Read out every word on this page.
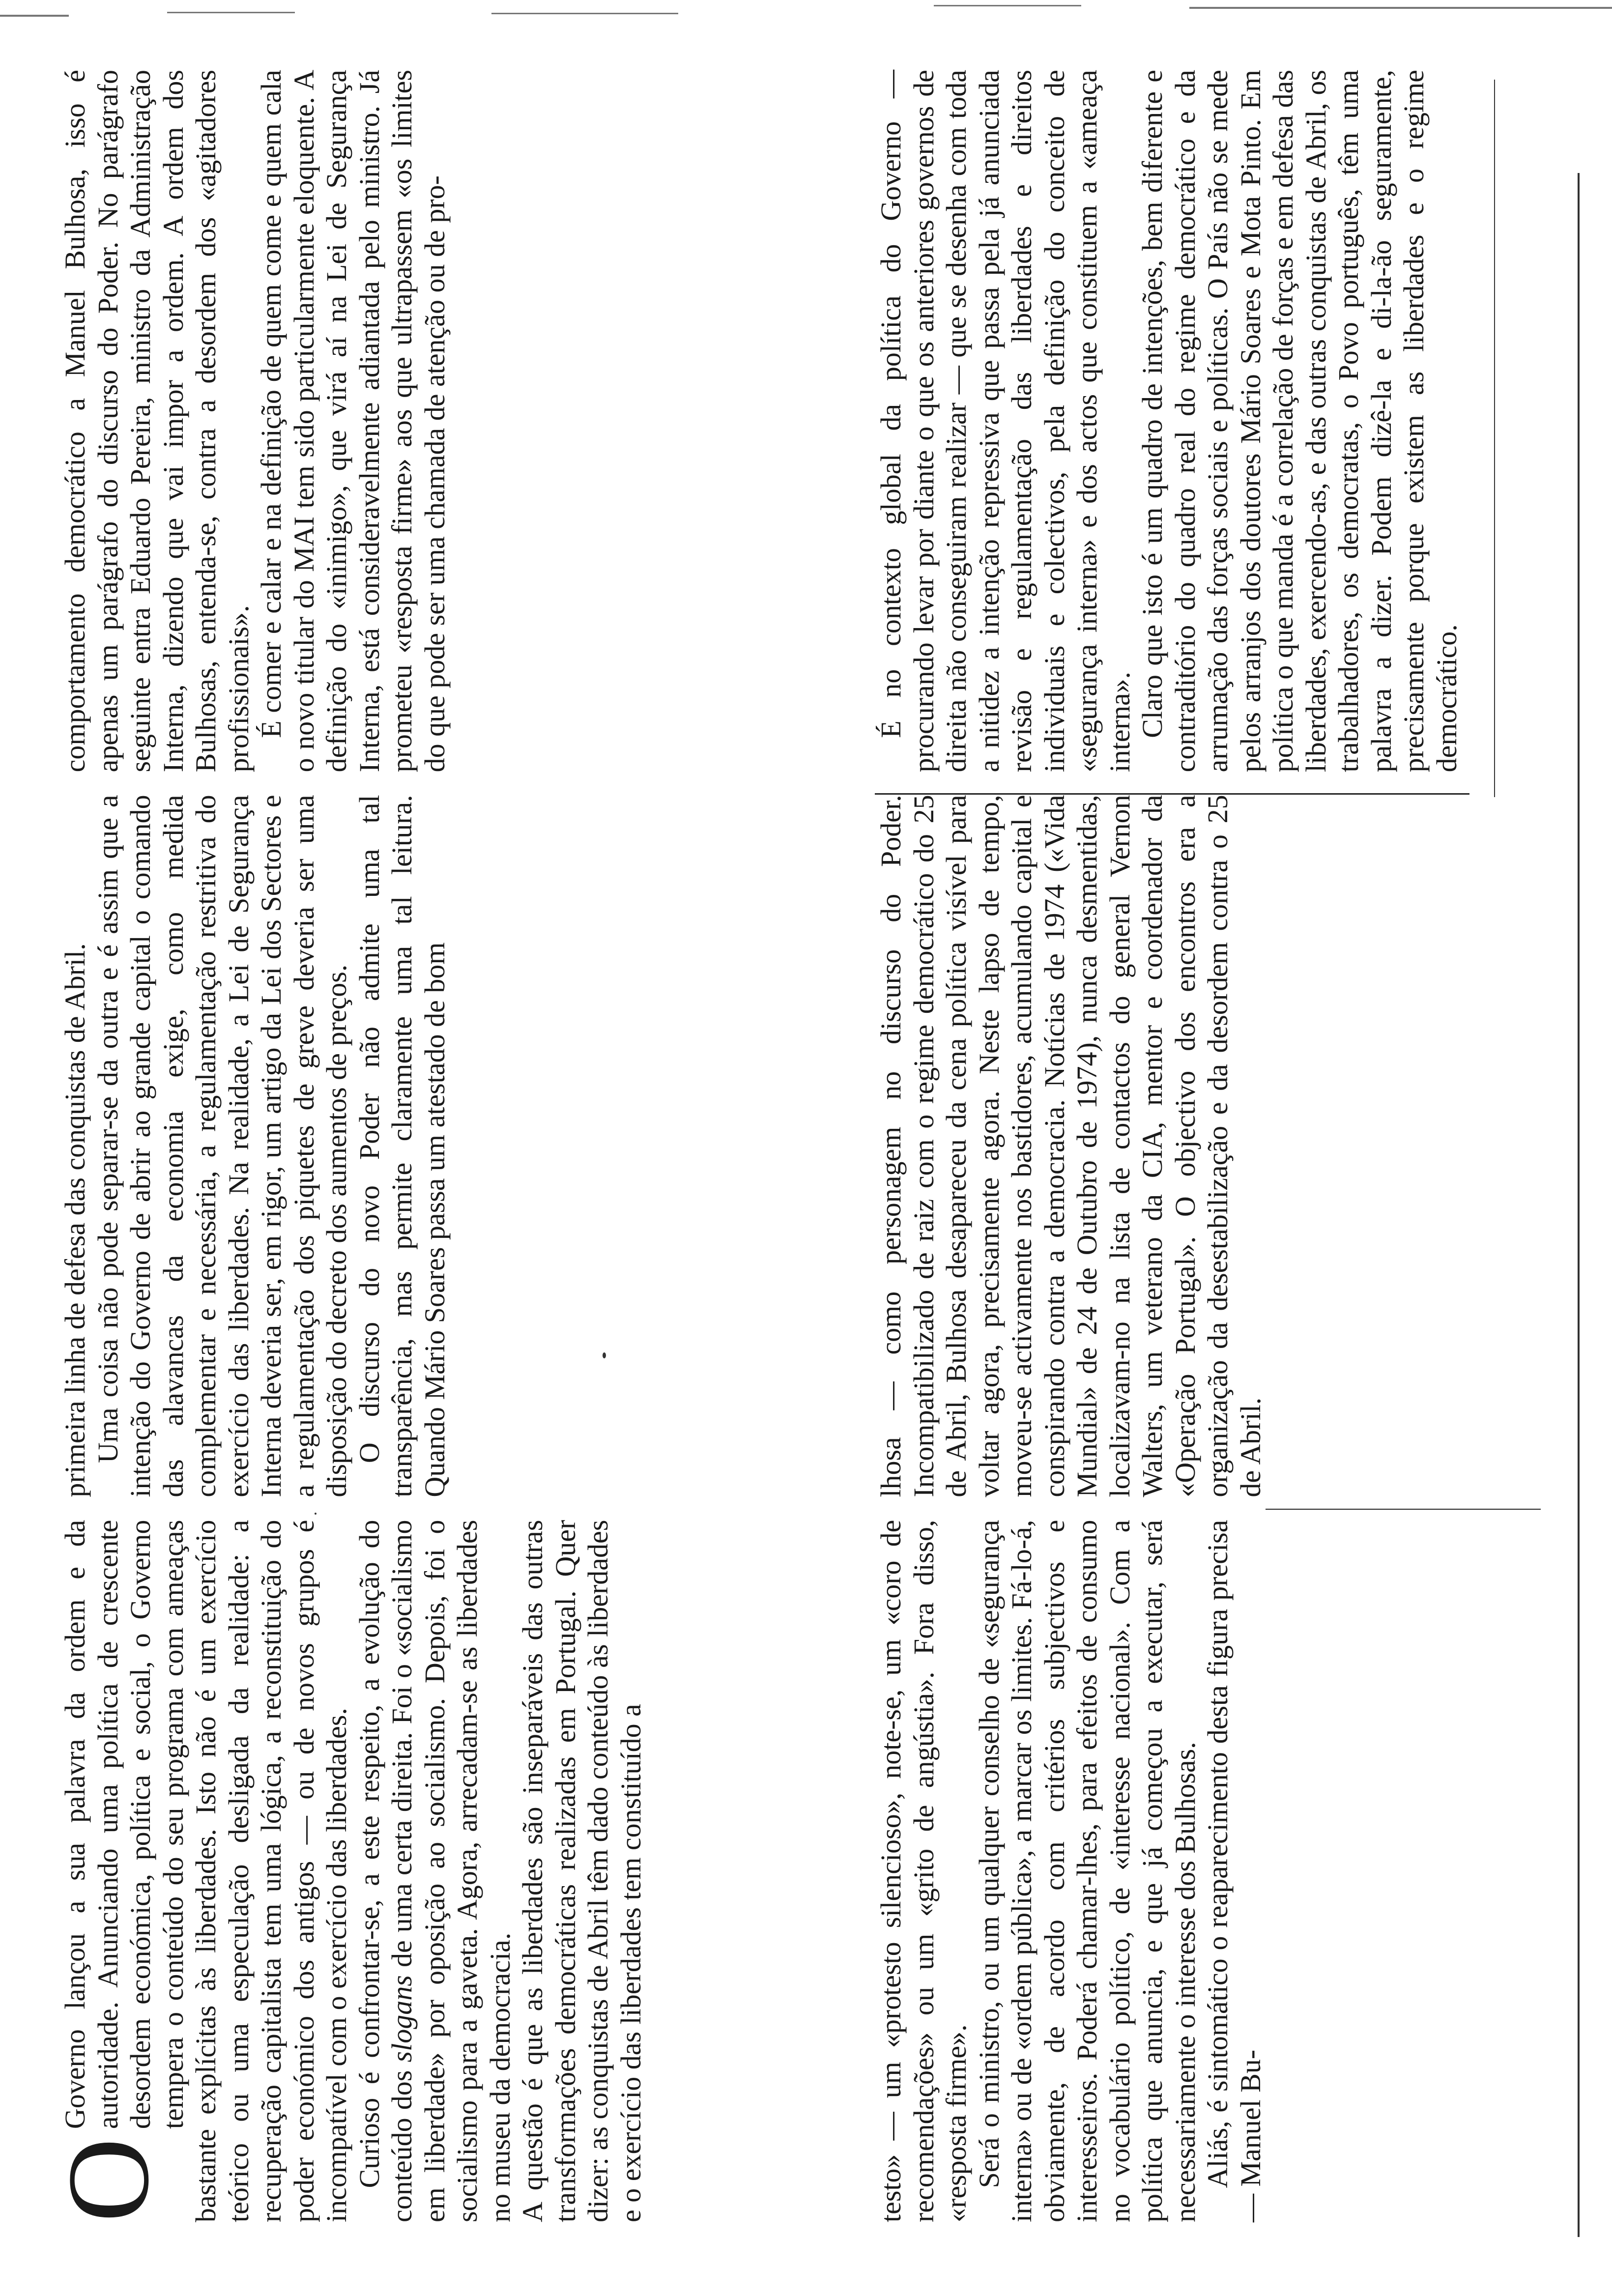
O
Governo lançou a sua palavra da ordem e da autoridade. Anunciando uma política de crescente desordem económica, política e social, o Governo tempera o conteúdo do seu programa com ameaças bastante explícitas às liberdades. Isto não é um exercício teórico ou uma especulação desligada da realidade: a recuperação capitalista tem uma lógica, a reconstituição do poder económico dos antigos — ou de novos grupos é incompatível com o exercício das liberdades. Curioso é confrontar-se, a este respeito, a evolução do conteúdo dos slogans de uma certa direita. Foi o «socialismo em liberdade» por oposição ao socialismo. Depois, foi o socialismo para a gaveta. Agora, arrecadam-se as liberdades no museu da democracia. A questão é que as liberdades são inseparáveis das outras transformações democráticas realizadas em Portugal. Quer dizer: as conquistas de Abril têm dado conteúdo às liberdades e o exercício das liberdades tem constituído a

primeira linha de defesa das conquistas de Abril. Uma coisa não pode separar-se da outra e é assim que a intenção do Governo de abrir ao grande capital o comando das alavancas da economia exige, como medida complementar e necessária, a regulamentação restritiva do exercício das liberdades. Na realidade, a Lei de Segurança Interna deveria ser, em rigor, um artigo da Lei dos Sectores e a regulamentação dos piquetes de greve deveria ser uma disposição do decreto dos aumentos de preços. O discurso do novo Poder não admite uma tal transparência, mas permite claramente uma tal leitura. Quando Mário Soares passa um atestado de bom

comportamento democrático a Manuel Bulhosa, isso é apenas um parágrafo do discurso do Poder. No parágrafo seguinte entra Eduardo Pereira, ministro da Administração Interna, dizendo que vai impor a ordem. A ordem dos Bulhosas, entenda-se, contra a desordem dos «agitadores profissionais». É comer e calar e na definição de quem come e quem cala o novo titular do MAI tem sido particularmente eloquente. A definição do «inimigo», que virá aí na Lei de Segurança Interna, está consideravelmente adiantada pelo ministro. Já prometeu «resposta firme» aos que ultrapassem «os limites do que pode ser uma chamada de atenção ou de pro-

testo» — um «protesto silencioso», note-se, um «coro de recomendações» ou um «grito de angústia». Fora disso, «resposta firme». Será o ministro, ou um qualquer conselho de «segurança interna» ou de «ordem pública», a marcar os limites. Fá-lo-á, obviamente, de acordo com critérios subjectivos e interesseiros. Poderá chamar-lhes, para efeitos de consumo no vocabulário político, de «interesse nacional». Com a política que anuncia, e que já começou a executar, será necessariamente o interesse dos Bulhosas. Aliás, é sintomático o reaparecimento desta figura precisa — Manuel Bu-

lhosa — como personagem no discurso do Poder. Incompatibilizado de raiz com o regime democrático do 25 de Abril, Bulhosa desapareceu da cena política visível para voltar agora, precisamente agora. Neste lapso de tempo, moveu-se activamente nos bastidores, acumulando capital e conspirando contra a democracia. Notícias de 1974 («Vida Mundial» de 24 de Outubro de 1974), nunca desmentidas, localizavam-no na lista de contactos do general Vernon Walters, um veterano da CIA, mentor e coordenador da «Operação Portugal». O objectivo dos encontros era a organização da desestabilização e da desordem contra o 25 de Abril.

É no contexto global da política do Governo — procurando levar por diante o que os anteriores governos de direita não conseguiram realizar — que se desenha com toda a nitidez a intenção repressiva que passa pela já anunciada revisão e regulamentação das liberdades e direitos individuais e colectivos, pela definição do conceito de «segurança interna» e dos actos que constituem a «ameaça interna». Claro que isto é um quadro de intenções, bem diferente e contraditório do quadro real do regime democrático e da arrumação das forças sociais e políticas. O País não se mede pelos arranjos dos doutores Mário Soares e Mota Pinto. Em política o que manda é a correlação de forças e em defesa das liberdades, exercendo-as, e das outras conquistas de Abril, os trabalhadores, os democratas, o Povo português, têm uma palavra a dizer. Podem dizê-la e di-la-ão seguramente, precisamente porque existem as liberdades e o regime democrático.
